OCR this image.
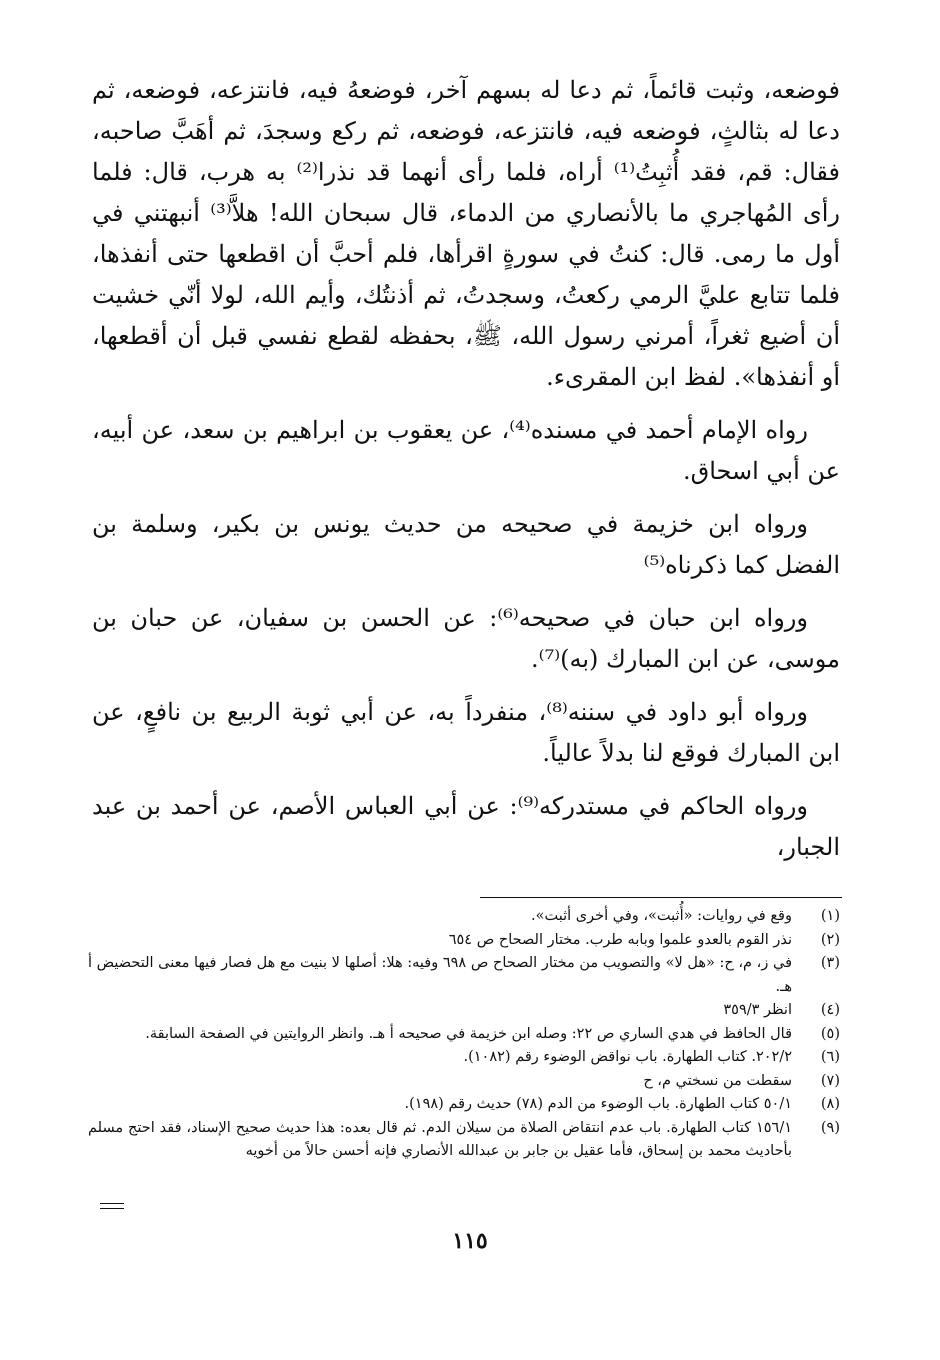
فوضعه، وثبت قائماً، ثم دعا له بسهم آخر، فوضعهُ فيه، فانتزعه، فوضعه، ثم دعا له بثالثٍ، فوضعه فيه، فانتزعه، فوضعه، ثم ركع وسجدَ، ثم أهَبَّ صاحبه، فقال: قم، فقد أُثبِتُ⁽¹⁾ أراه، فلما رأى أنهما قد نذرا⁽²⁾ به هرب، قال: فلما رأى المُهاجري ما بالأنصاري من الدماء، قال سبحان الله! هلاَّ⁽³⁾ أنبهتني في أول ما رمى. قال: كنتُ في سورةٍ اقرأها، فلم أحبَّ أن اقطعها حتى أنفذها، فلما تتابع عليَّ الرمي ركعتُ، وسجدتُ، ثم أذنتُك، وأيم الله، لولا أنّي خشيت أن أضيع ثغراً، أمرني رسول الله، ﷺ، بحفظه لقطع نفسي قبل أن أقطعها، أو أنفذها». لفظ ابن المقرىء.

رواه الإمام أحمد في مسنده⁽⁴⁾، عن يعقوب بن ابراهيم بن سعد، عن أبيه، عن أبي اسحاق.

ورواه ابن خزيمة في صحيحه من حديث يونس بن بكير، وسلمة بن الفضل كما ذكرناه⁽⁵⁾

ورواه ابن حبان في صحيحه⁽⁶⁾: عن الحسن بن سفيان، عن حبان بن موسى، عن ابن المبارك (به)⁽⁷⁾.

ورواه أبو داود في سننه⁽⁸⁾، منفرداً به، عن أبي ثوبة الربيع بن نافعٍ، عن ابن المبارك فوقع لنا بدلاً عالياً.

ورواه الحاكم في مستدركه⁽⁹⁾: عن أبي العباس الأصم، عن أحمد بن عبد الجبار،

(١)
وقع في روايات: «أُثبت»، وفي أخرى أثبت».
(٢)
نذر القوم بالعدو علموا وبابه طرب. مختار الصحاح ص ٦٥٤
(٣)
في ز، م، ح: «هل لا» والتصويب من مختار الصحاح ص ٦٩٨ وفيه: هلا: أصلها لا بنيت مع هل فصار فيها معنى التحضيض أ هـ.
(٤)
انظر ٣٥٩/٣
(٥)
قال الحافظ في هدي الساري ص ٢٢: وصله ابن خزيمة في صحيحه أ هـ. وانظر الروايتين في الصفحة السابقة.
(٦)
٢٠٢/٢. كتاب الطهارة. باب نواقض الوضوء رقم (١٠٨٢).
(٧)
سقطت من نسختي م، ح
(٨)
٥٠/١ كتاب الطهارة. باب الوضوء من الدم (٧٨) حديث رقم (١٩٨).
(٩)
١٥٦/١ كتاب الطهارة. باب عدم انتقاض الصلاة من سيلان الدم. ثم قال بعده: هذا حديث صحيح الإسناد، فقد احتج مسلم بأحاديث محمد بن إسحاق، فأما عقيل بن جابر بن عبدالله الأنصاري فإنه أحسن حالاً من أخويه
١١٥
